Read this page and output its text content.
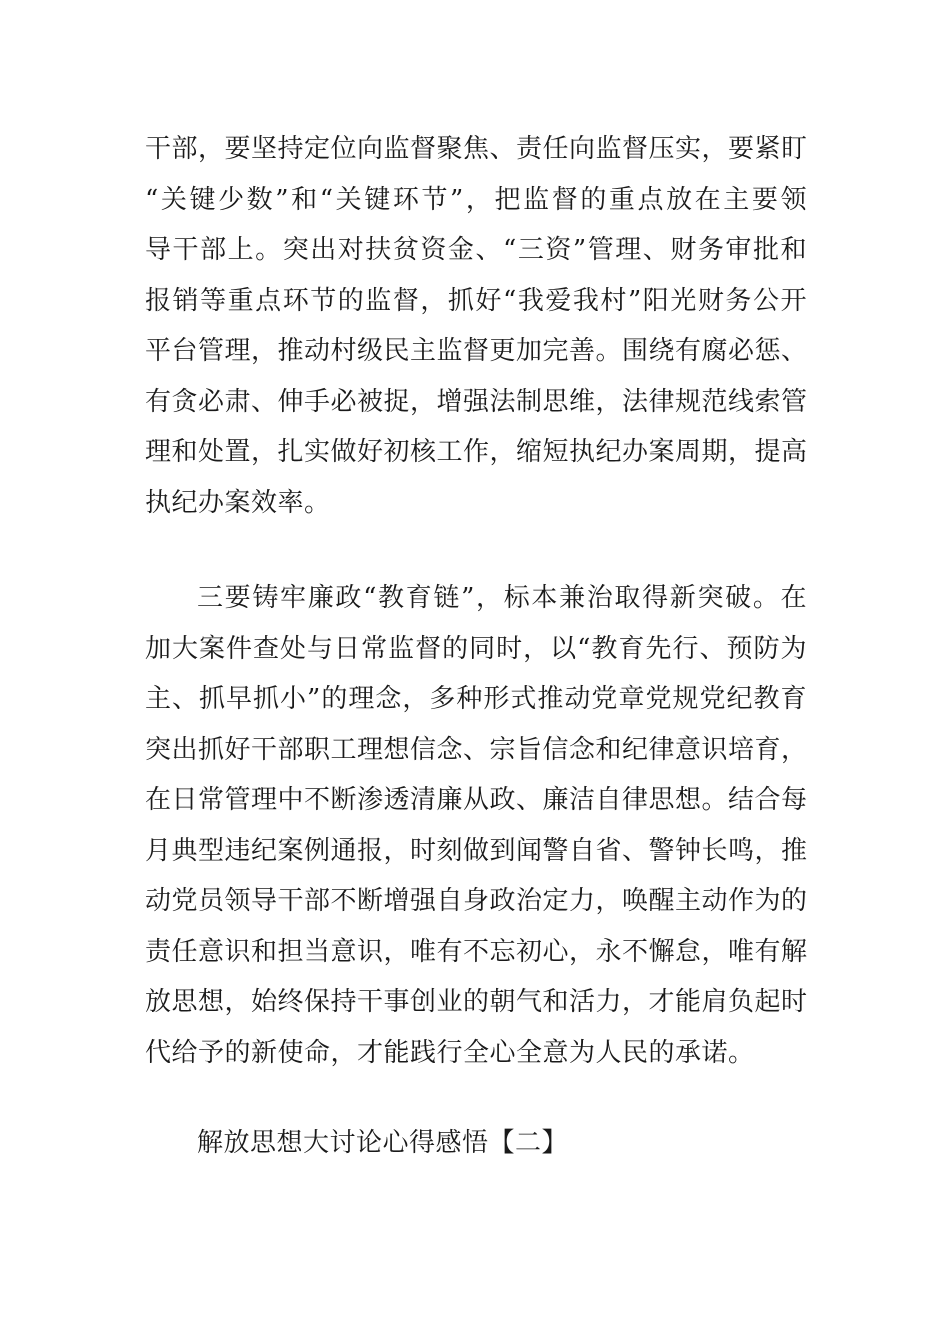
干部，要坚持定位向监督聚焦、责任向监督压实，要紧盯
“关键少数”和“关键环节”，把监督的重点放在主要领
导干部上。突出对扶贫资金、“三资”管理、财务审批和
报销等重点环节的监督，抓好“我爱我村”阳光财务公开
平台管理，推动村级民主监督更加完善。围绕有腐必惩、
有贪必肃、伸手必被捉，增强法制思维，法律规范线索管
理和处置，扎实做好初核工作，缩短执纪办案周期，提高
执纪办案效率。
三要铸牢廉政“教育链”，标本兼治取得新突破。在
加大案件查处与日常监督的同时，以“教育先行、预防为
主、抓早抓小”的理念，多种形式推动党章党规党纪教育
突出抓好干部职工理想信念、宗旨信念和纪律意识培育，
在日常管理中不断渗透清廉从政、廉洁自律思想。结合每
月典型违纪案例通报，时刻做到闻警自省、警钟长鸣，推
动党员领导干部不断增强自身政治定力，唤醒主动作为的
责任意识和担当意识，唯有不忘初心，永不懈怠，唯有解
放思想，始终保持干事创业的朝气和活力，才能肩负起时
代给予的新使命，才能践行全心全意为人民的承诺。
解放思想大讨论心得感悟【二】
